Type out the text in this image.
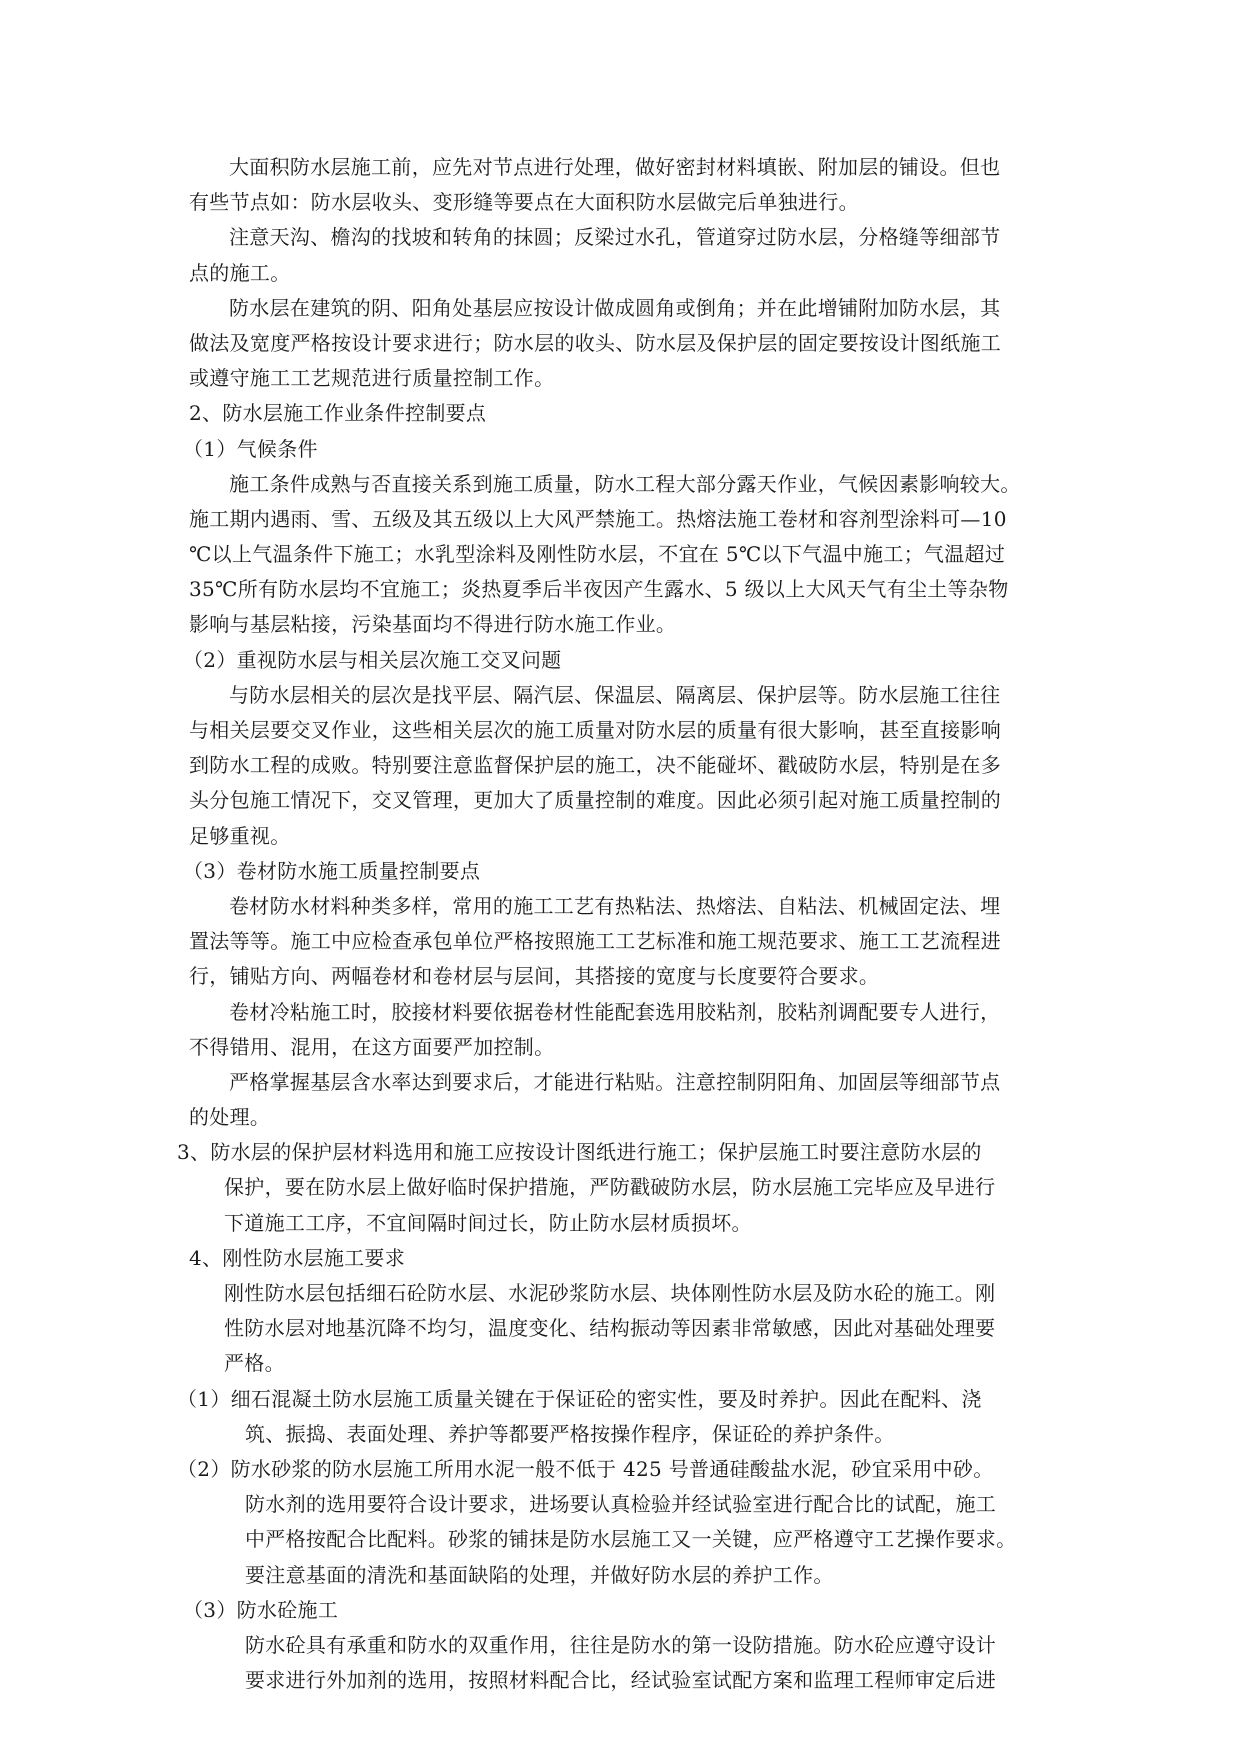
大面积防水层施工前，应先对节点进行处理，做好密封材料填嵌、附加层的铺设。但也
有些节点如：防水层收头、变形缝等要点在大面积防水层做完后单独进行。
注意天沟、檐沟的找坡和转角的抹圆；反梁过水孔，管道穿过防水层，分格缝等细部节
点的施工。
防水层在建筑的阴、阳角处基层应按设计做成圆角或倒角；并在此增铺附加防水层，其
做法及宽度严格按设计要求进行；防水层的收头、防水层及保护层的固定要按设计图纸施工
或遵守施工工艺规范进行质量控制工作。
2、防水层施工作业条件控制要点
（1）气候条件
施工条件成熟与否直接关系到施工质量，防水工程大部分露天作业，气候因素影响较大。
施工期内遇雨、雪、五级及其五级以上大风严禁施工。热熔法施工卷材和容剂型涂料可—10
℃以上气温条件下施工；水乳型涂料及刚性防水层，不宜在 5℃以下气温中施工；气温超过
35℃所有防水层均不宜施工；炎热夏季后半夜因产生露水、5 级以上大风天气有尘土等杂物
影响与基层粘接，污染基面均不得进行防水施工作业。
（2）重视防水层与相关层次施工交叉问题
与防水层相关的层次是找平层、隔汽层、保温层、隔离层、保护层等。防水层施工往往
与相关层要交叉作业，这些相关层次的施工质量对防水层的质量有很大影响，甚至直接影响
到防水工程的成败。特别要注意监督保护层的施工，决不能碰坏、戳破防水层，特别是在多
头分包施工情况下，交叉管理，更加大了质量控制的难度。因此必须引起对施工质量控制的
足够重视。
（3）卷材防水施工质量控制要点
卷材防水材料种类多样，常用的施工工艺有热粘法、热熔法、自粘法、机械固定法、埋
置法等等。施工中应检查承包单位严格按照施工工艺标准和施工规范要求、施工工艺流程进
行，铺贴方向、两幅卷材和卷材层与层间，其搭接的宽度与长度要符合要求。
卷材冷粘施工时，胶接材料要依据卷材性能配套选用胶粘剂，胶粘剂调配要专人进行，
不得错用、混用，在这方面要严加控制。
严格掌握基层含水率达到要求后，才能进行粘贴。注意控制阴阳角、加固层等细部节点
的处理。
3、防水层的保护层材料选用和施工应按设计图纸进行施工；保护层施工时要注意防水层的
保护，要在防水层上做好临时保护措施，严防戳破防水层，防水层施工完毕应及早进行
下道施工工序，不宜间隔时间过长，防止防水层材质损坏。
4、刚性防水层施工要求
刚性防水层包括细石砼防水层、水泥砂浆防水层、块体刚性防水层及防水砼的施工。刚
性防水层对地基沉降不均匀，温度变化、结构振动等因素非常敏感，因此对基础处理要
严格。
（1）细石混凝土防水层施工质量关键在于保证砼的密实性，要及时养护。因此在配料、浇
筑、振捣、表面处理、养护等都要严格按操作程序，保证砼的养护条件。
（2）防水砂浆的防水层施工所用水泥一般不低于 425 号普通硅酸盐水泥，砂宜采用中砂。
防水剂的选用要符合设计要求，进场要认真检验并经试验室进行配合比的试配，施工
中严格按配合比配料。砂浆的铺抹是防水层施工又一关键，应严格遵守工艺操作要求。
要注意基面的清洗和基面缺陷的处理，并做好防水层的养护工作。
（3）防水砼施工
防水砼具有承重和防水的双重作用，往往是防水的第一设防措施。防水砼应遵守设计
要求进行外加剂的选用，按照材料配合比，经试验室试配方案和监理工程师审定后进
